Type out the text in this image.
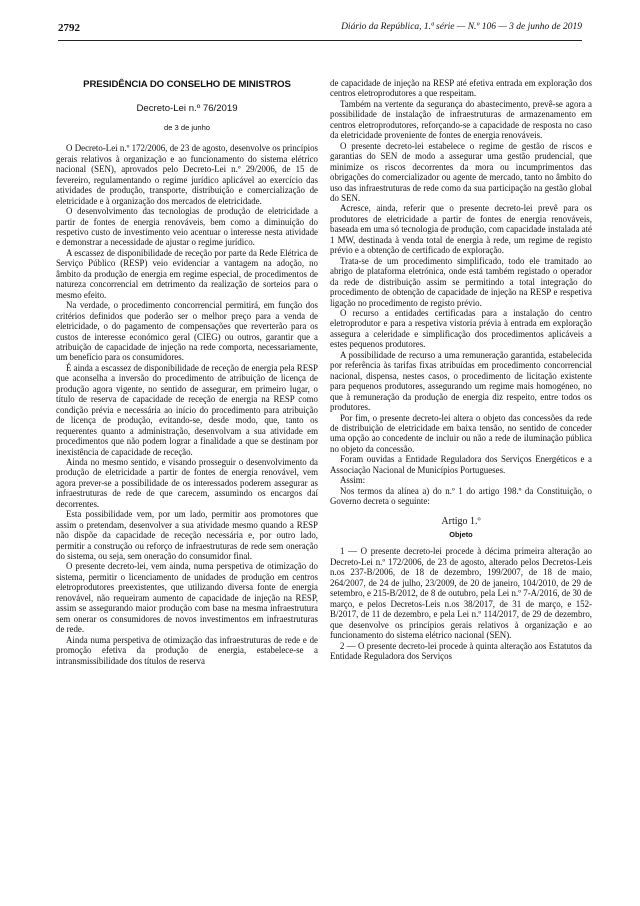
2792	Diário da República, 1.ª série — N.º 106 — 3 de junho de 2019
PRESIDÊNCIA DO CONSELHO DE MINISTROS
Decreto-Lei n.º 76/2019
de 3 de junho

O Decreto-Lei n.º 172/2006, de 23 de agosto, desenvolve os princípios gerais relativos à organização e ao funcionamento do sistema elétrico nacional (SEN), aprovados pelo Decreto-Lei n.º 29/2006, de 15 de fevereiro, regulamentando o regime jurídico aplicável ao exercício das atividades de produção, transporte, distribuição e comercialização de eletricidade e à organização dos mercados de eletricidade.

O desenvolvimento das tecnologias de produção de eletricidade a partir de fontes de energia renováveis, bem como a diminuição do respetivo custo de investimento veio acentuar o interesse nesta atividade e demonstrar a necessidade de ajustar o regime jurídico.

A escassez de disponibilidade de receção por parte da Rede Elétrica de Serviço Público (RESP) veio evidenciar a vantagem na adoção, no âmbito da produção de energia em regime especial, de procedimentos de natureza concorrencial em detrimento da realização de sorteios para o mesmo efeito.

Na verdade, o procedimento concorrencial permitirá, em função dos critérios definidos que poderão ser o melhor preço para a venda de eletricidade, o do pagamento de compensações que reverterão para os custos de interesse económico geral (CIEG) ou outros, garantir que a atribuição de capacidade de injeção na rede comporta, necessariamente, um benefício para os consumidores.

É ainda a escassez de disponibilidade de receção de energia pela RESP que aconselha a inversão do procedimento de atribuição de licença de produção agora vigente, no sentido de assegurar, em primeiro lugar, o título de reserva de capacidade de receção de energia na RESP como condição prévia e necessária ao início do procedimento para atribuição de licença de produção, evitando-se, desde modo, que, tanto os requerentes quanto a administração, desenvolvam a sua atividade em procedimentos que não podem lograr a finalidade a que se destinam por inexistência de capacidade de receção.

Ainda no mesmo sentido, e visando prosseguir o desenvolvimento da produção de eletricidade a partir de fontes de energia renovável, vem agora prever-se a possibilidade de os interessados poderem assegurar as infraestruturas de rede de que carecem, assumindo os encargos daí decorrentes.

Esta possibilidade vem, por um lado, permitir aos promotores que assim o pretendam, desenvolver a sua atividade mesmo quando a RESP não dispõe da capacidade de receção necessária e, por outro lado, permitir a construção ou reforço de infraestruturas de rede sem oneração do sistema, ou seja, sem oneração do consumidor final.

O presente decreto-lei, vem ainda, numa perspetiva de otimização do sistema, permitir o licenciamento de unidades de produção em centros eletroprodutores preexistentes, que utilizando diversa fonte de energia renovável, não requeiram aumento de capacidade de injeção na RESP, assim se assegurando maior produção com base na mesma infraestrutura sem onerar os consumidores de novos investimentos em infraestruturas de rede.

Ainda numa perspetiva de otimização das infraestruturas de rede e de promoção efetiva da produção de energia, estabelece-se a intransmissibilidade dos títulos de reserva

de capacidade de injeção na RESP até efetiva entrada em exploração dos centros eletroprodutores a que respeitam.

Também na vertente da segurança do abastecimento, prevê-se agora a possibilidade de instalação de infraestruturas de armazenamento em centros eletroprodutores, reforçando-se a capacidade de resposta no caso da eletricidade proveniente de fontes de energia renováveis.

O presente decreto-lei estabelece o regime de gestão de riscos e garantias do SEN de modo a assegurar uma gestão prudencial, que minimize os riscos decorrentes da mora ou incumprimentos das obrigações do comercializador ou agente de mercado, tanto no âmbito do uso das infraestruturas de rede como da sua participação na gestão global do SEN.

Acresce, ainda, referir que o presente decreto-lei prevê para os produtores de eletricidade a partir de fontes de energia renováveis, baseada em uma só tecnologia de produção, com capacidade instalada até 1 MW, destinada à venda total de energia à rede, um regime de registo prévio e a obtenção de certificado de exploração.

Trata-se de um procedimento simplificado, todo ele tramitado ao abrigo de plataforma eletrónica, onde está também registado o operador da rede de distribuição assim se permitindo a total integração do procedimento de obtenção de capacidade de injeção na RESP e respetiva ligação no procedimento de registo prévio.

O recurso a entidades certificadas para a instalação do centro eletroprodutor e para a respetiva vistoria prévia à entrada em exploração assegura a celeridade e simplificação dos procedimentos aplicáveis a estes pequenos produtores.

A possibilidade de recurso a uma remuneração garantida, estabelecida por referência às tarifas fixas atribuídas em procedimento concorrencial nacional, dispensa, nestes casos, o procedimento de licitação existente para pequenos produtores, assegurando um regime mais homogéneo, no que à remuneração da produção de energia diz respeito, entre todos os produtores.

Por fim, o presente decreto-lei altera o objeto das concessões da rede de distribuição de eletricidade em baixa tensão, no sentido de conceder uma opção ao concedente de incluir ou não a rede de iluminação pública no objeto da concessão.

Foram ouvidas a Entidade Reguladora dos Serviços Energéticos e a Associação Nacional de Municípios Portugueses.

Assim:

Nos termos da alínea a) do n.º 1 do artigo 198.º da Constituição, o Governo decreta o seguinte:

Artigo 1.º
Objeto

1 — O presente decreto-lei procede à décima primeira alteração ao Decreto-Lei n.º 172/2006, de 23 de agosto, alterado pelos Decretos-Leis n.os 237-B/2006, de 18 de dezembro, 199/2007, de 18 de maio, 264/2007, de 24 de julho, 23/2009, de 20 de janeiro, 104/2010, de 29 de setembro, e 215-B/2012, de 8 de outubro, pela Lei n.º 7-A/2016, de 30 de março, e pelos Decretos-Leis n.os 38/2017, de 31 de março, e 152-B/2017, de 11 de dezembro, e pela Lei n.º 114/2017, de 29 de dezembro, que desenvolve os princípios gerais relativos à organização e ao funcionamento do sistema elétrico nacional (SEN).

2 — O presente decreto-lei procede à quinta alteração aos Estatutos da Entidade Reguladora dos Serviços
